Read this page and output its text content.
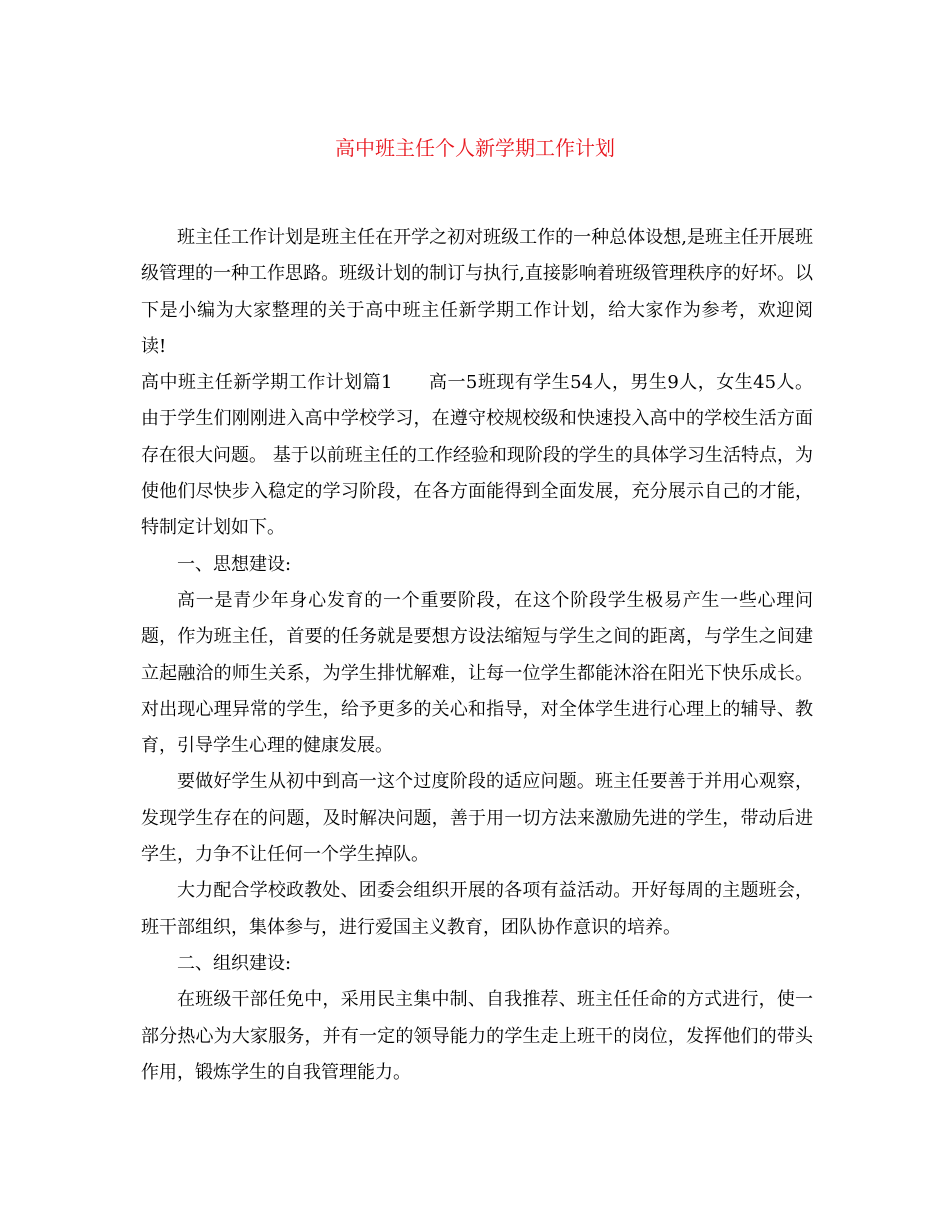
高中班主任个人新学期工作计划

班主任工作计划是班主任在开学之初对班级工作的一种总体设想,是班主任开展班级管理的一种工作思路。班级计划的制订与执行,直接影响着班级管理秩序的好坏。以下是小编为大家整理的关于高中班主任新学期工作计划，给大家作为参考，欢迎阅读!

高中班主任新学期工作计划篇1 高一5班现有学生54人，男生9人，女生45人。由于学生们刚刚进入高中学校学习，在遵守校规校级和快速投入高中的学校生活方面存在很大问题。 基于以前班主任的工作经验和现阶段的学生的具体学习生活特点，为使他们尽快步入稳定的学习阶段，在各方面能得到全面发展，充分展示自己的才能，特制定计划如下。

一、思想建设:

高一是青少年身心发育的一个重要阶段，在这个阶段学生极易产生一些心理问题，作为班主任，首要的任务就是要想方设法缩短与学生之间的距离，与学生之间建立起融洽的师生关系，为学生排忧解难，让每一位学生都能沐浴在阳光下快乐成长。对出现心理异常的学生，给予更多的关心和指导，对全体学生进行心理上的辅导、教育，引导学生心理的健康发展。

要做好学生从初中到高一这个过度阶段的适应问题。班主任要善于并用心观察，发现学生存在的问题，及时解决问题，善于用一切方法来激励先进的学生，带动后进学生，力争不让任何一个学生掉队。

大力配合学校政教处、团委会组织开展的各项有益活动。开好每周的主题班会，班干部组织，集体参与，进行爱国主义教育，团队协作意识的培养。

二、组织建设:

在班级干部任免中，采用民主集中制、自我推荐、班主任任命的方式进行，使一部分热心为大家服务，并有一定的领导能力的学生走上班干的岗位，发挥他们的带头作用，锻炼学生的自我管理能力。
